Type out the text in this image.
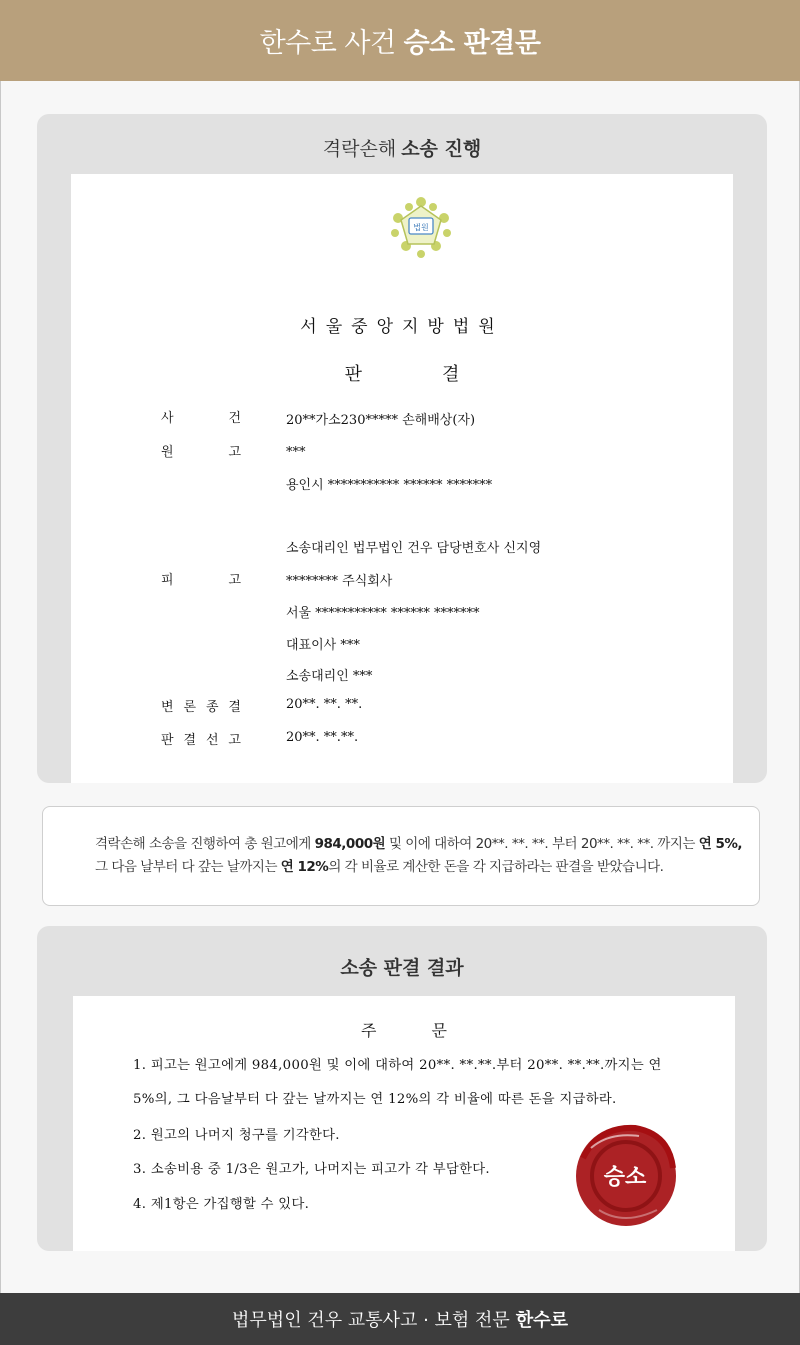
한수로 사건 승소 판결문
격락손해 소송 진행
법원
서울중앙지방법원
판결
사	건	20**가소230***** 손해배상(자)
원	고	***
용인시 *********** ****** *******
소송대리인 법무법인 건우 담당변호사 신지영
피	고	******** 주식회사
서울 *********** ****** *******
대표이사 ***
소송대리인 ***
변 론 종 결	20**. **. **.
판 결 선 고	20**. **.**.
격락손해 소송을 진행하여 총 원고에게 984,000원 및 이에 대하여 20**. **. **. 부터 20**. **. **. 까지는 연 5%,
그 다음 날부터 다 갚는 날까지는 연 12%의 각 비율로 계산한 돈을 각 지급하라는 판결을 받았습니다.
소송 판결 결과
주	문
1. 피고는 원고에게 984,000원 및 이에 대하여 20**. **.**.부터 20**. **.**.까지는 연
5%의, 그 다음날부터 다 갚는 날까지는 연 12%의 각 비율에 따른 돈을 지급하라.
2. 원고의 나머지 청구를 기각한다.
3. 소송비용 중 1/3은 원고가, 나머지는 피고가 각 부담한다.
4. 제1항은 가집행할 수 있다.
승소
법무법인 건우 교통사고 · 보험 전문 한수로
